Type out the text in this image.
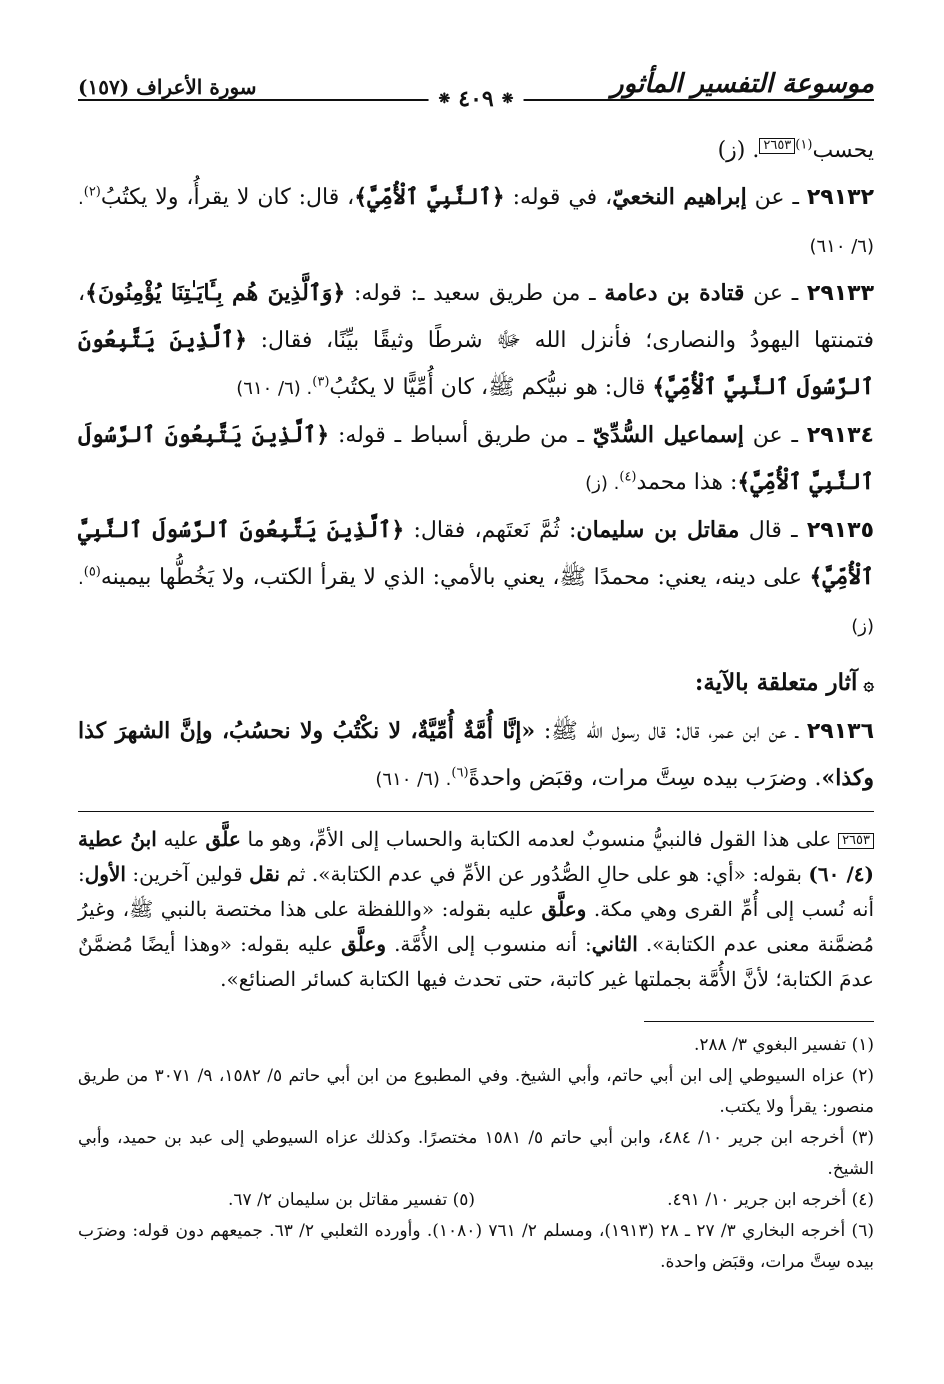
موسوعة التفسير المأثور
❋
٤٠٩
❋
سورة الأعراف (١٥٧)

يحسب$^{(١)}$٢٦٥٣. (ز)

٢٩١٣٢ ـ عن إبراهيم النخعيّ، في قوله: ﴿ٱلنَّبِيَّ ٱلْأُمِّيَّ﴾، قال: كان لا يقرأُ، ولا يكتُبُ$^{(٢)}$. (٦/ ٦١٠)

٢٩١٣٣ ـ عن قتادة بن دعامة ـ من طريق سعيد ـ: قوله: ﴿وَٱلَّذِينَ هُم بِـَٔايَـٰتِنَا يُؤْمِنُونَ﴾، فتمنتها اليهودُ والنصارى؛ فأنزل الله ﷻ شرطًا وثيقًا بيِّنًا، فقال: ﴿ٱلَّذِينَ يَتَّبِعُونَ ٱلرَّسُولَ ٱلنَّبِيَّ ٱلْأُمِّيَّ﴾ قال: هو نبيُّكم ﷺ، كان أُمِّيًّا لا يكتُبُ$^{(٣)}$. (٦/ ٦١٠)

٢٩١٣٤ ـ عن إسماعيل السُّدِّيّ ـ من طريق أسباط ـ قوله: ﴿ٱلَّذِينَ يَتَّبِعُونَ ٱلرَّسُولَ ٱلنَّبِيَّ ٱلْأُمِّيَّ﴾: هذا محمد$^{(٤)}$. (ز)

٢٩١٣٥ ـ قال مقاتل بن سليمان: ثُمَّ نَعتَهم، فقال: ﴿ٱلَّذِينَ يَتَّبِعُونَ ٱلرَّسُولَ ٱلنَّبِيَّ ٱلْأُمِّيَّ﴾ على دينه، يعني: محمدًا ﷺ، يعني بالأمي: الذي لا يقرأ الكتب، ولا يَخُطُّها بيمينه$^{(٥)}$. (ز)

۞آثار متعلقة بالآية:

٢٩١٣٦ ـ عن ابن عمر، قال: قال رسول الله ﷺ: «إنَّا أُمَّةٌ أُمِّيَّةٌ، لا نكْتُبُ ولا نحسُبُ، وإنَّ الشهرَ كذا وكذا». وضرَب بيده سِتَّ مرات، وقبَض واحدةً$^{(٦)}$. (٦/ ٦١٠)

٢٦٥٣ على هذا القول فالنبيُّ منسوبٌ لعدمه الكتابة والحساب إلى الأمِّ، وهو ما علَّق عليه ابنُ عطية (٤/ ٦٠) بقوله: «أي: هو على حالِ الصُّدُور عن الأمِّ في عدم الكتابة». ثم نقل قولين آخرين: الأول: أنه نُسب إلى أُمِّ القرى وهي مكة. وعلَّق عليه بقوله: «واللفظة على هذا مختصة بالنبي ﷺ، وغيرُ مُضمَّنة معنى عدم الكتابة». الثاني: أنه منسوب إلى الأُمَّة. وعلَّق عليه بقوله: «وهذا أيضًا مُضمَّنٌ عدمَ الكتابة؛ لأنَّ الأُمَّة بجملتها غير كاتبة، حتى تحدث فيها الكتابة كسائر الصنائع».

(١) تفسير البغوي ٣/ ٢٨٨.

(٢) عزاه السيوطي إلى ابن أبي حاتم، وأبي الشيخ. وفي المطبوع من ابن أبي حاتم ٥/ ١٥٨٢، ٩/ ٣٠٧١ من طريق منصور: يقرأ ولا يكتب.

(٣) أخرجه ابن جرير ١٠/ ٤٨٤، وابن أبي حاتم ٥/ ١٥٨١ مختصرًا. وكذلك عزاه السيوطي إلى عبد بن حميد، وأبي الشيخ.

(٤) أخرجه ابن جرير ١٠/ ٤٩١.
(٥) تفسير مقاتل بن سليمان ٢/ ٦٧.

(٦) أخرجه البخاري ٣/ ٢٧ ـ ٢٨ (١٩١٣)، ومسلم ٢/ ٧٦١ (١٠٨٠). وأورده الثعلبي ٢/ ٦٣. جميعهم دون قوله: وضرَب بيده سِتَّ مرات، وقبَض واحدة.
